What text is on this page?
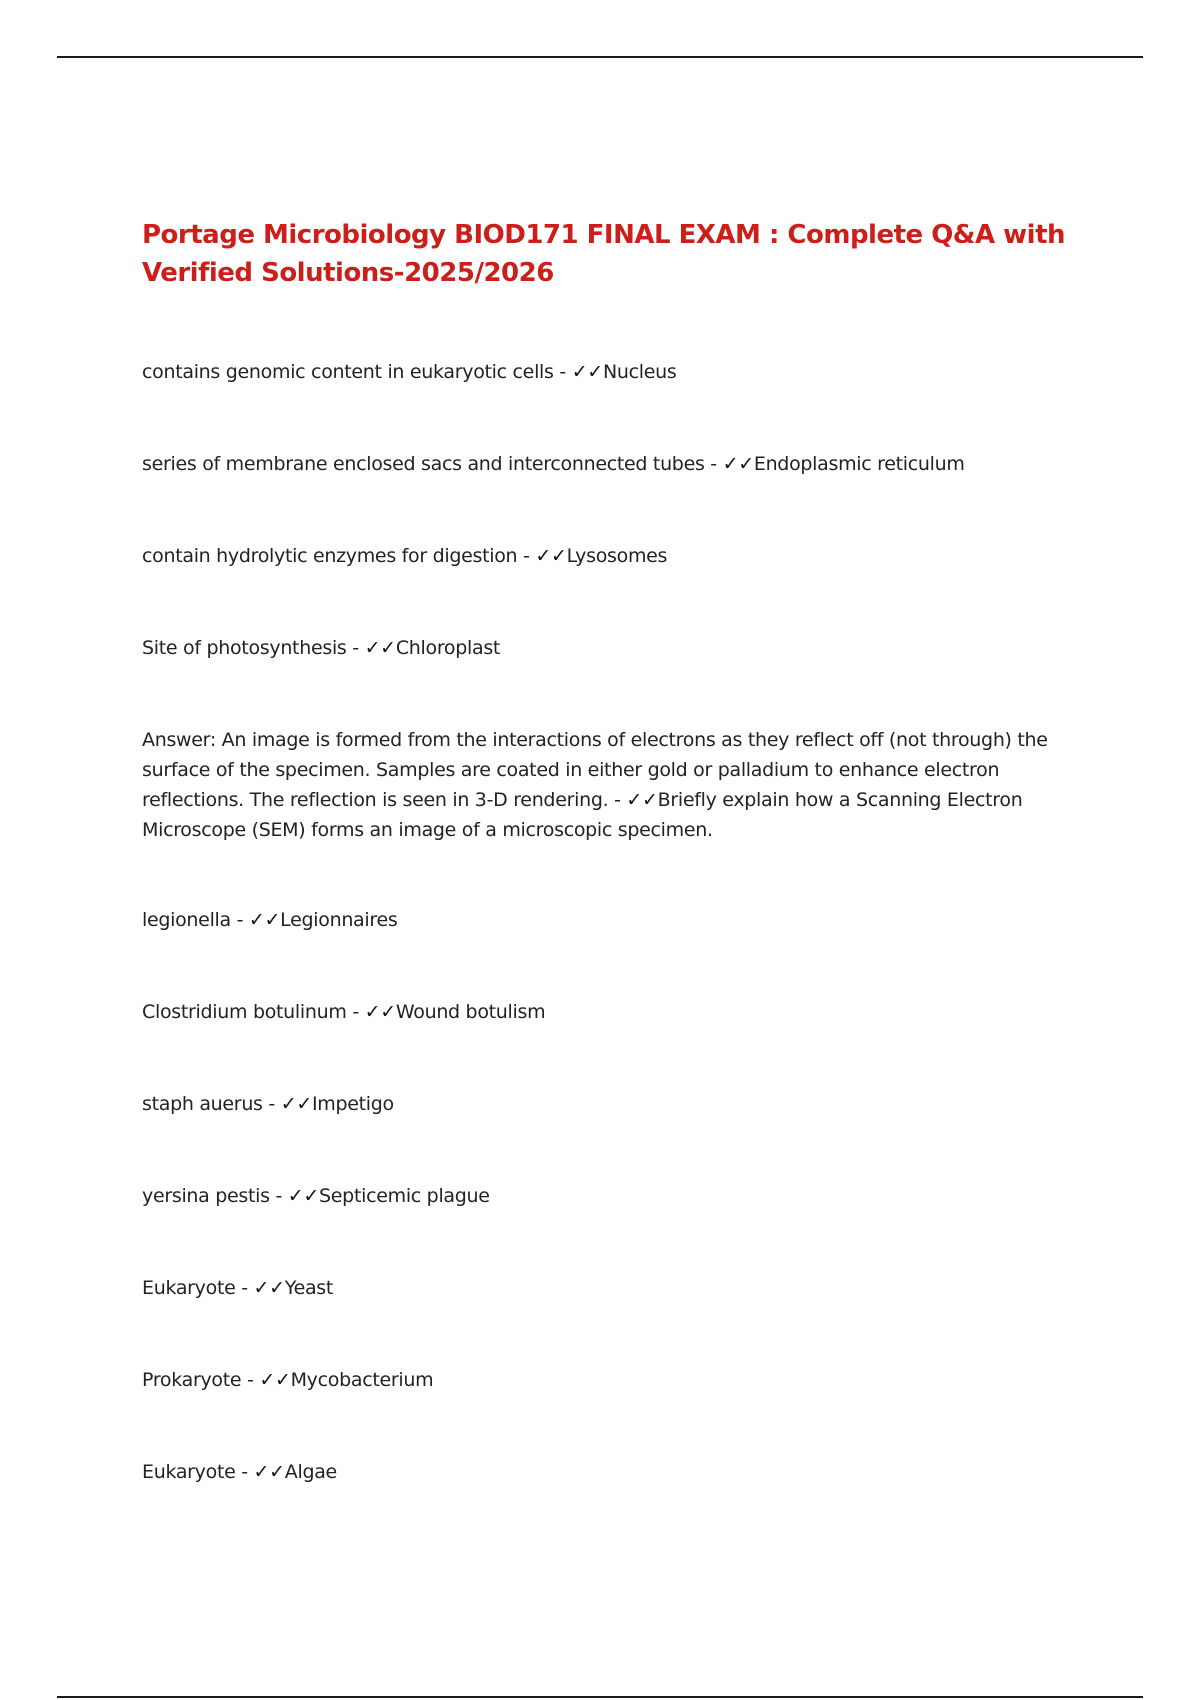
Portage Microbiology BIOD171 FINAL EXAM : Complete Q&A with Verified Solutions-2025/2026
contains genomic content in eukaryotic cells - ✓✓Nucleus
series of membrane enclosed sacs and interconnected tubes - ✓✓Endoplasmic reticulum
contain hydrolytic enzymes for digestion - ✓✓Lysosomes
Site of photosynthesis - ✓✓Chloroplast
Answer: An image is formed from the interactions of electrons as they reflect off (not through) the surface of the specimen. Samples are coated in either gold or palladium to enhance electron reflections. The reflection is seen in 3-D rendering. - ✓✓Briefly explain how a Scanning Electron Microscope (SEM) forms an image of a microscopic specimen.
legionella - ✓✓Legionnaires
Clostridium botulinum - ✓✓Wound botulism
staph auerus - ✓✓Impetigo
yersina pestis - ✓✓Septicemic plague
Eukaryote - ✓✓Yeast
Prokaryote - ✓✓Mycobacterium
Eukaryote - ✓✓Algae
